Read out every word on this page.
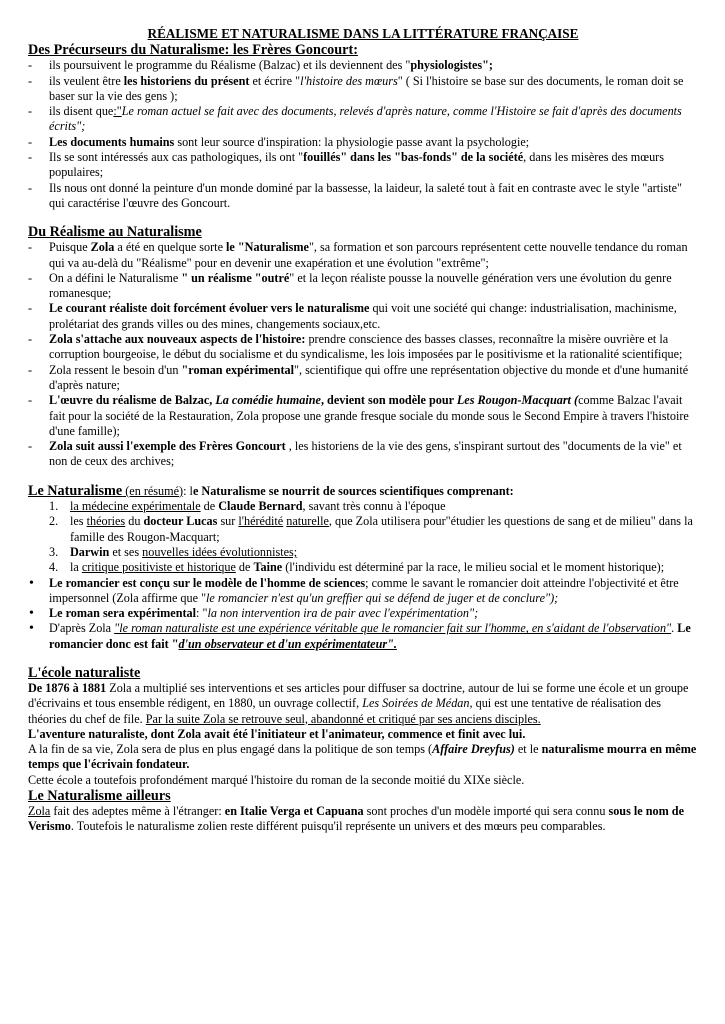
RÉALISME ET NATURALISME DANS LA LITTÉRATURE FRANÇAISE
Des Précurseurs du Naturalisme: les Frères Goncourt:
- ils poursuivent le programme du Réalisme (Balzac) et ils deviennent des "physiologistes";
- ils veulent être les historiens du présent et écrire "l'histoire des mœurs" ( Si l'histoire se base sur des documents, le roman doit se baser sur la vie des gens );
- ils disent que:"Le roman actuel se fait avec des documents, relevés d'après nature, comme l'Histoire se fait d'après des documents écrits";
- Les documents humains sont leur source d'inspiration: la physiologie passe avant la psychologie;
- Ils se sont intéressés aux cas pathologiques, ils ont "fouillés" dans les "bas-fonds" de la société, dans les misères des mœurs populaires;
- Ils nous ont donné la peinture d'un monde dominé par la bassesse, la laideur, la saleté tout à fait en contraste avec le style "artiste" qui caractérise l'œuvre des Goncourt.
Du Réalisme au Naturalisme
- Puisque Zola a été en quelque sorte le "Naturalisme", sa formation et son parcours représentent cette nouvelle tendance du roman qui va au-delà du "Réalisme" pour en devenir une exapération et une évolution "extrême";
- On a défini le Naturalisme " un réalisme "outré" et la leçon réaliste pousse la nouvelle génération vers une évolution du genre romanesque;
- Le courant réaliste doit forcément évoluer vers le naturalisme qui voit une société qui change: industrialisation, machinisme, prolétariat des grands villes ou des mines, changements sociaux,etc.
- Zola s'attache aux nouveaux aspects de l'histoire: prendre conscience des basses classes, reconnaître la misère ouvrière et la corruption bourgeoise, le début du socialisme et du syndicalisme, les lois imposées par le positivisme et la rationalité scientifique;
- Zola ressent le besoin d'un "roman expérimental", scientifique qui offre une représentation objective du monde et d'une humanité d'après nature;
- L'œuvre du réalisme de Balzac, La comédie humaine, devient son modèle pour Les Rougon-Macquart (comme Balzac l'avait fait pour la société de la Restauration, Zola propose une grande fresque sociale du monde sous le Second Empire à travers l'histoire d'une famille);
- Zola suit aussi l'exemple des Frères Goncourt , les historiens de la vie des gens, s'inspirant surtout des "documents de la vie" et non de ceux des archives;

Le Naturalisme (en résumé): le Naturalisme se nourrit de sources scientifiques comprenant:

1. la médecine expérimentale de Claude Bernard, savant très connu à l'époque
2. les théories du docteur Lucas sur l'hérédité naturelle, que Zola utilisera pour"étudier les questions de sang et de milieu" dans la famille des Rougon-Macquart;
3. Darwin et ses nouvelles idées évolutionnistes;
4. la critique positiviste et historique de Taine (l'individu est déterminé par la race, le milieu social et le moment historique);
• Le romancier est conçu sur le modèle de l'homme de sciences; comme le savant le romancier doit atteindre l'objectivité et être impersonnel (Zola affirme que "le romancier n'est qu'un greffier qui se défend de juger et de conclure");
• Le roman sera expérimental: "la non intervention ira de pair avec l'expérimentation";
• D'après Zola "le roman naturaliste est une expérience véritable que le romancier fait sur l'homme, en s'aidant de l'observation". Le romancier donc est fait "d'un observateur et d'un expérimentateur".
L'école naturaliste

De 1876 à 1881 Zola a multiplié ses interventions et ses articles pour diffuser sa doctrine, autour de lui se forme une école et un groupe d'écrivains et tous ensemble rédigent, en 1880, un ouvrage collectif, Les Soirées de Médan, qui est une tentative de réalisation des théories du chef de file. Par la suite Zola se retrouve seul, abandonné et critiqué par ses anciens disciples.

L'aventure naturaliste, dont Zola avait été l'initiateur et l'animateur, commence et finit avec lui.

A la fin de sa vie, Zola sera de plus en plus engagé dans la politique de son temps (Affaire Dreyfus) et le naturalisme mourra en même temps que l'écrivain fondateur.

Cette école a toutefois profondément marqué l'histoire du roman de la seconde moitié du XIXe siècle.

Le Naturalisme ailleurs

Zola fait des adeptes même à l'étranger: en Italie Verga et Capuana sont proches d'un modèle importé qui sera connu sous le nom de Verismo. Toutefois le naturalisme zolien reste différent puisqu'il représente un univers et des mœurs peu comparables.
